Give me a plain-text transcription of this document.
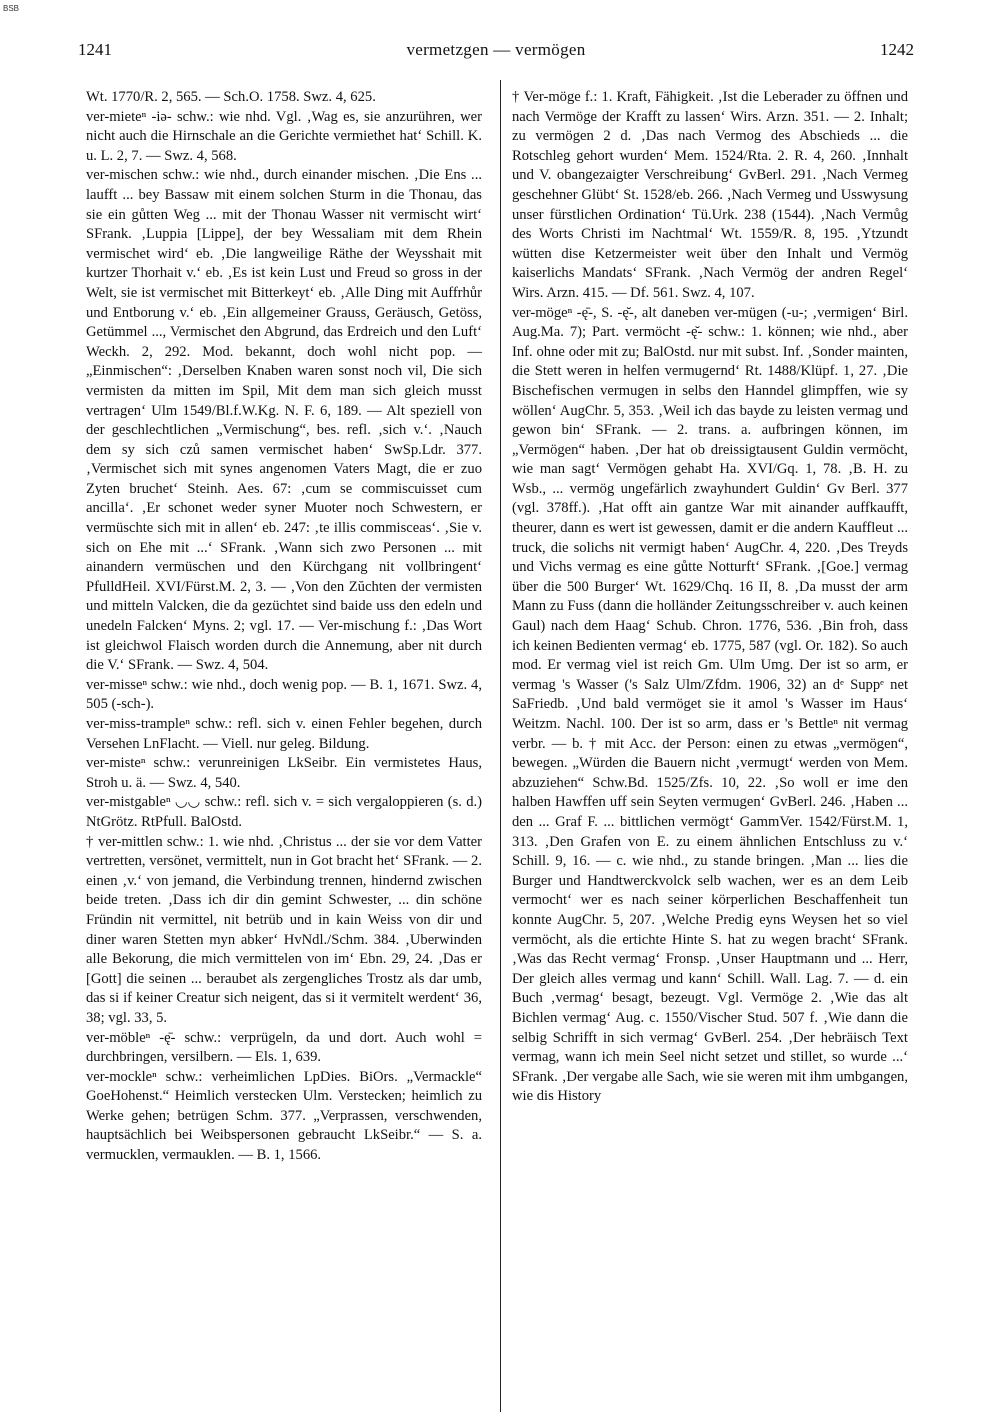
BSB
1241	vermetzgen — vermögen	1242

Wt. 1770/R. 2, 565. — Sch.O. 1758. Swz. 4, 625.

ver-mieteⁿ -iə- schw.: wie nhd. Vgl. ‚Wag es, sie anzurühren, wer nicht auch die Hirnschale an die Gerichte vermiethet hat‘ Schill. K. u. L. 2, 7. — Swz. 4, 568.

ver-mischen schw.: wie nhd., durch einander mischen. ‚Die Ens ... laufft ... bey Bassaw mit einem solchen Sturm in die Thonau, das sie ein gůtten Weg ... mit der Thonau Wasser nit vermischt wirt‘ SFrank. ‚Luppia [Lippe], der bey Wessaliam mit dem Rhein vermischet wird‘ eb. ‚Die langweilige Räthe der Weysshait mit kurtzer Thorhait v.‘ eb. ‚Es ist kein Lust und Freud so gross in der Welt, sie ist vermischet mit Bitterkeyt‘ eb. ‚Alle Ding mit Auffrhůr und Entborung v.‘ eb. ‚Ein allgemeiner Grauss, Geräusch, Getöss, Getümmel ..., Vermischet den Abgrund, das Erdreich und den Luft‘ Weckh. 2, 292. Mod. bekannt, doch wohl nicht pop. — „Einmischen“: ‚Derselben Knaben waren sonst noch vil, Die sich vermisten da mitten im Spil, Mit dem man sich gleich musst vertragen‘ Ulm 1549/Bl.f.W.Kg. N. F. 6, 189. — Alt speziell von der geschlechtlichen „Vermischung“, bes. refl. ‚sich v.‘. ‚Nauch dem sy sich czů samen vermischet haben‘ SwSp.Ldr. 377. ‚Vermischet sich mit synes angenomen Vaters Magt, die er zuo Zyten bruchet‘ Steinh. Aes. 67: ‚cum se commiscuisset cum ancilla‘. ‚Er schonet weder syner Muoter noch Schwestern, er vermüschte sich mit in allen‘ eb. 247: ‚te illis commisceas‘. ‚Sie v. sich on Ehe mit ...‘ SFrank. ‚Wann sich zwo Personen ... mit ainandern vermüschen und den Kürchgang nit vollbringent‘ PfulldHeil. XVI/Fürst.M. 2, 3. — ‚Von den Zŭchten der vermisten und mitteln Valcken, die da gezüchtet sind baide uss den edeln und unedeln Falcken‘ Myns. 2; vgl. 17. — Ver-mischung f.: ‚Das Wort ist gleichwol Flaisch worden durch die Annemung, aber nit durch die V.‘ SFrank. — Swz. 4, 504.

ver-misseⁿ schw.: wie nhd., doch wenig pop. — B. 1, 1671. Swz. 4, 505 (-sch-).

ver-miss-trampleⁿ schw.: refl. sich v. einen Fehler begehen, durch Versehen LnFlacht. — Viell. nur geleg. Bildung.

ver-misteⁿ schw.: verunreinigen LkSeibr. Ein vermistetes Haus, Stroh u. ä. — Swz. 4, 540.

ver-mistgableⁿ ◡◡ schw.: refl. sich v. = sich vergaloppieren (s. d.) NtGrötz. RtPfull. BalOstd.

† ver-mittlen schw.: 1. wie nhd. ‚Christus ... der sie vor dem Vatter vertretten, versönet, vermittelt, nun in Got bracht het‘ SFrank. — 2. einen ‚v.‘ von jemand, die Verbindung trennen, hindernd zwischen beide treten. ‚Dass ich dir din gemint Schwester, ... din schöne Fründin nit vermittel, nit betrüb und in kain Weiss von dir und diner waren Stetten myn abker‘ HvNdl./Schm. 384. ‚Uberwinden alle Bekorung, die mich vermittelen von im‘ Ebn. 29, 24. ‚Das er [Gott] die seinen ... beraubet als zergengliches Trostz als dar umb, das si if keiner Creatur sich neigent, das si it vermitelt werdent‘ 36, 38; vgl. 33, 5.

ver-möbleⁿ -ę̄- schw.: verprügeln, da und dort. Auch wohl = durchbringen, versilbern. — Els. 1, 639.

ver-mockleⁿ schw.: verheimlichen LpDies. BiOrs. „Vermackle“ GoeHohenst.“ Heimlich verstecken Ulm. Verstecken; heimlich zu Werke gehen; betrügen Schm. 377. „Verprassen, verschwenden, hauptsächlich bei Weibspersonen gebraucht LkSeibr.“ — S. a. vermucklen, vermauklen. — B. 1, 1566.

† Ver-möge f.: 1. Kraft, Fähigkeit. ‚Ist die Leberader zu öffnen und nach Vermöge der Krafft zu lassen‘ Wirs. Arzn. 351. — 2. Inhalt; zu vermögen 2 d. ‚Das nach Vermog des Abschieds ... die Rotschleg gehort wurden‘ Mem. 1524/Rta. 2. R. 4, 260. ‚Innhalt und V. obangezaigter Verschreibung‘ GvBerl. 291. ‚Nach Vermeg geschehner Glübt‘ St. 1528/eb. 266. ‚Nach Vermeg und Usswysung unser fürstlichen Ordination‘ Tü.Urk. 238 (1544). ‚Nach Vermůg des Worts Christi im Nachtmal‘ Wt. 1559/R. 8, 195. ‚Ytzundt wütten dise Ketzermeister weit über den Inhalt und Vermög kaiserlichs Mandats‘ SFrank. ‚Nach Vermög der andren Regel‘ Wirs. Arzn. 415. — Df. 561. Swz. 4, 107.

ver-mögeⁿ -ę̄-, S. -ę̆-, alt daneben ver-mügen (-u-; ‚vermigen‘ Birl. Aug.Ma. 7); Part. vermöcht -ę̆- schw.: 1. können; wie nhd., aber Inf. ohne oder mit zu; BalOstd. nur mit subst. Inf. ‚Sonder mainten, die Stett weren in helfen vermugernd‘ Rt. 1488/Klüpf. 1, 27. ‚Die Bischefischen vermugen in selbs den Hanndel glimpffen, wie sy wöllen‘ AugChr. 5, 353. ‚Weil ich das bayde zu leisten vermag und gewon bin‘ SFrank. — 2. trans. a. aufbringen können, im „Vermögen“ haben. ‚Der hat ob dreissigtausent Guldin vermöcht, wie man sagt‘ Vermögen gehabt Ha. XVI/Gq. 1, 78. ‚B. H. zu Wsb., ... vermög ungefärlich zwayhundert Guldin‘ Gv Berl. 377 (vgl. 378ff.). ‚Hat offt ain gantze War mit ainander auffkaufft, theurer, dann es wert ist gewessen, damit er die andern Kauffleut ... truck, die solichs nit vermigt haben‘ AugChr. 4, 220. ‚Des Treyds und Vichs vermag es eine gůtte Notturft‘ SFrank. ‚[Goe.] vermag über die 500 Burger‘ Wt. 1629/Chq. 16 II, 8. ‚Da musst der arm Mann zu Fuss (dann die holländer Zeitungsschreiber v. auch keinen Gaul) nach dem Haag‘ Schub. Chron. 1776, 536. ‚Bin froh, dass ich keinen Bedienten vermag‘ eb. 1775, 587 (vgl. Or. 182). So auch mod. Er vermag viel ist reich Gm. Ulm Umg. Der ist so arm, er vermag 's Wasser ('s Salz Ulm/Zfdm. 1906, 32) an dᵉ Suppᵉ net SaFriedb. ‚Und bald vermöget sie it amol 's Wasser im Haus‘ Weitzm. Nachl. 100. Der ist so arm, dass er 's Bettleⁿ nit vermag verbr. — b. † mit Acc. der Person: einen zu etwas „vermögen“, bewegen. „Würden die Bauern nicht ‚vermugt‘ werden von Mem. abzuziehen“ Schw.Bd. 1525/Zfs. 10, 22. ‚So woll er ime den halben Hawffen uff sein Seyten vermugen‘ GvBerl. 246. ‚Haben ... den ... Graf F. ... bittlichen vermögt‘ GammVer. 1542/Fürst.M. 1, 313. ‚Den Grafen von E. zu einem ähnlichen Entschluss zu v.‘ Schill. 9, 16. — c. wie nhd., zu stande bringen. ‚Man ... lies die Burger und Handtwerckvolck selb wachen, wer es an dem Leib vermocht‘ wer es nach seiner körperlichen Beschaffenheit tun konnte AugChr. 5, 207. ‚Welche Predig eyns Weysen het so viel vermöcht, als die ertichte Hinte S. hat zu wegen bracht‘ SFrank. ‚Was das Recht vermag‘ Fronsp. ‚Unser Hauptmann und ... Herr, Der gleich alles vermag und kann‘ Schill. Wall. Lag. 7. — d. ein Buch ‚vermag‘ besagt, bezeugt. Vgl. Vermöge 2. ‚Wie das alt Bichlen vermag‘ Aug. c. 1550/Vischer Stud. 507 f. ‚Wie dann die selbig Schrifft in sich vermag‘ GvBerl. 254. ‚Der hebräisch Text vermag, wann ich mein Seel nicht setzet und stillet, so wurde ...‘ SFrank. ‚Der vergabe alle Sach, wie sie weren mit ihm umbgangen, wie dis History
